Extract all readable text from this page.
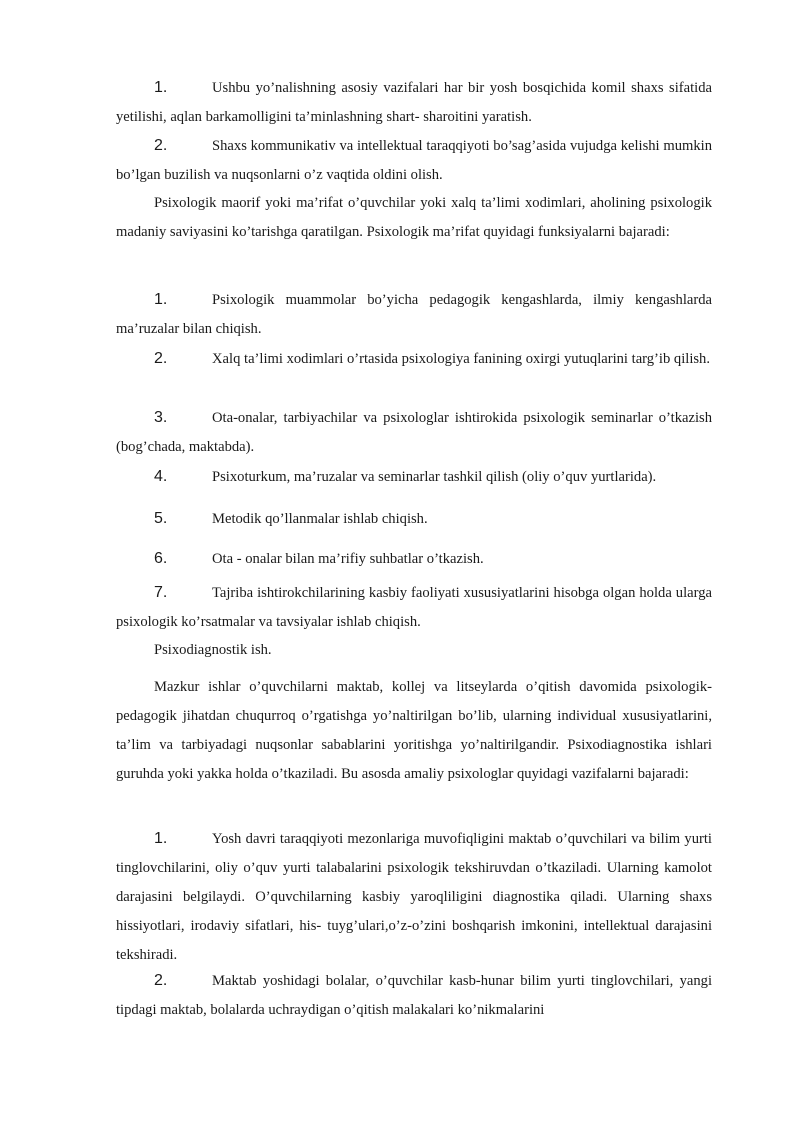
1.	Ushbu yo’nalishning asosiy vazifalari har bir yosh bosqichida komil shaxs sifatida yetilishi, aqlan barkamolligini ta’minlashning shart- sharoitini yaratish.
2.	Shaxs kommunikativ va intellektual taraqqiyoti bo’sag’asida vujudga kelishi mumkin bo’lgan buzilish va nuqsonlarni o’z vaqtida oldini olish.
Psixologik maorif yoki ma’rifat o’quvchilar yoki xalq ta’limi xodimlari, aholining psixologik madaniy saviyasini ko’tarishga qaratilgan. Psixologik ma’rifat quyidagi funksiyalarni bajaradi:
1.	Psixologik muammolar bo’yicha pedagogik kengashlarda, ilmiy kengashlarda ma’ruzalar bilan chiqish.
2.	Xalq ta’limi xodimlari o’rtasida psixologiya fanining oxirgi yutuqlarini targ’ib qilish.
3.	Ota-onalar, tarbiyachilar va psixologlar ishtirokida psixologik seminarlar o’tkazish (bog’chada, maktabda).
4.	Psixoturkum, ma’ruzalar va seminarlar tashkil qilish (oliy o’quv yurtlarida).
5.	Metodik qo’llanmalar ishlab chiqish.
6.	Ota - onalar bilan ma’rifiy suhbatlar o’tkazish.
7.	Tajriba ishtirokchilarining kasbiy faoliyati xususiyatlarini hisobga olgan holda ularga psixologik ko’rsatmalar va tavsiyalar ishlab chiqish.
Psixodiagnostik ish.
Mazkur ishlar o’quvchilarni maktab, kollej va litseylarda o’qitish davomida psixologik-pedagogik jihatdan chuqurroq o’rgatishga yo’naltirilgan bo’lib, ularning individual xususiyatlarini, ta’lim va tarbiyadagi nuqsonlar sabablarini yoritishga yo’naltirilgandir. Psixodiagnostika ishlari guruhda yoki yakka holda o’tkaziladi. Bu asosda amaliy psixologlar quyidagi vazifalarni bajaradi:
1.	Yosh davri taraqqiyoti mezonlariga muvofiqligini maktab o’quvchilari va bilim yurti tinglovchilarini, oliy o’quv yurti talabalarini psixologik tekshiruvdan o’tkaziladi. Ularning kamolot darajasini belgilaydi. O’quvchilarning kasbiy yaroqliligini diagnostika qiladi. Ularning shaxs hissiyotlari, irodaviy sifatlari, his- tuyg’ulari,o’z-o’zini boshqarish imkonini, intellektual darajasini tekshiradi.
2.	Maktab yoshidagi bolalar, o’quvchilar kasb-hunar bilim yurti tinglovchilari, yangi tipdagi maktab, bolalarda uchraydigan o’qitish malakalari ko’nikmalarini
